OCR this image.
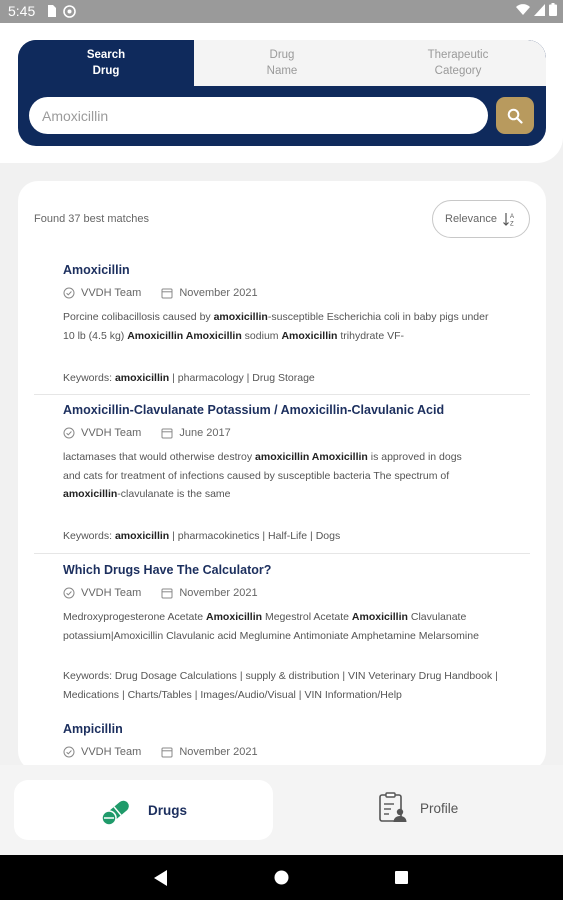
5:45
Search
Drug
Drug
Name
Therapeutic
Category
Amoxicillin
Found 37 best matches	Relevance A
Z
Amoxicillin
VVDH Team	November 2021
Porcine colibacillosis caused by amoxicillin-susceptible Escherichia coli in baby pigs under
10 lb (4.5 kg) Amoxicillin Amoxicillin sodium Amoxicillin trihydrate VF-
Keywords: amoxicillin | pharmacology | Drug Storage
Amoxicillin-Clavulanate Potassium / Amoxicillin-Clavulanic Acid
VVDH Team	June 2017
lactamases that would otherwise destroy amoxicillin Amoxicillin is approved in dogs
and cats for treatment of infections caused by susceptible bacteria The spectrum of
amoxicillin-clavulanate is the same
Keywords: amoxicillin | pharmacokinetics | Half-Life | Dogs
Which Drugs Have The Calculator?
VVDH Team	November 2021
Medroxyprogesterone Acetate Amoxicillin Megestrol Acetate Amoxicillin Clavulanate
potassium|Amoxicillin Clavulanic acid Meglumine Antimoniate Amphetamine Melarsomine
Keywords: Drug Dosage Calculations | supply & distribution | VIN Veterinary Drug Handbook |
Medications | Charts/Tables | Images/Audio/Visual | VIN Information/Help
Ampicillin
VVDH Team	November 2021
Drugs	Profile
